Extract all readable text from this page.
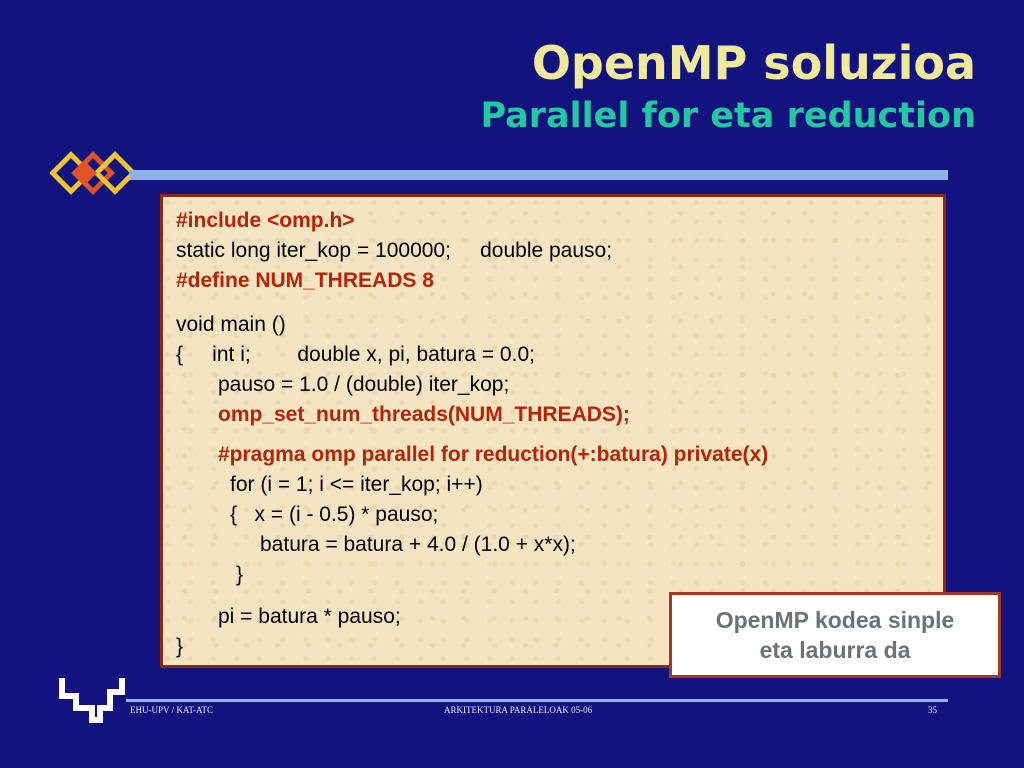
OpenMP soluzioa
Parallel for eta reduction
#include <omp.h>
static long iter_kop = 100000;     double pauso;
#define NUM_THREADS 8
void main ()
{     int i;        double x, pi, batura = 0.0;
pauso = 1.0 / (double) iter_kop;
omp_set_num_threads(NUM_THREADS);
#pragma omp parallel for reduction(+:batura) private(x)
for (i = 1; i <= iter_kop; i++)
{   x = (i - 0.5) * pauso;
batura = batura + 4.0 / (1.0 + x*x);
}
pi = batura * pauso;
}
OpenMP kodea sinple
eta laburra da
EHU-UPV / KAT-ATC	ARKITEKTURA PARALELOAK 05-06	35
